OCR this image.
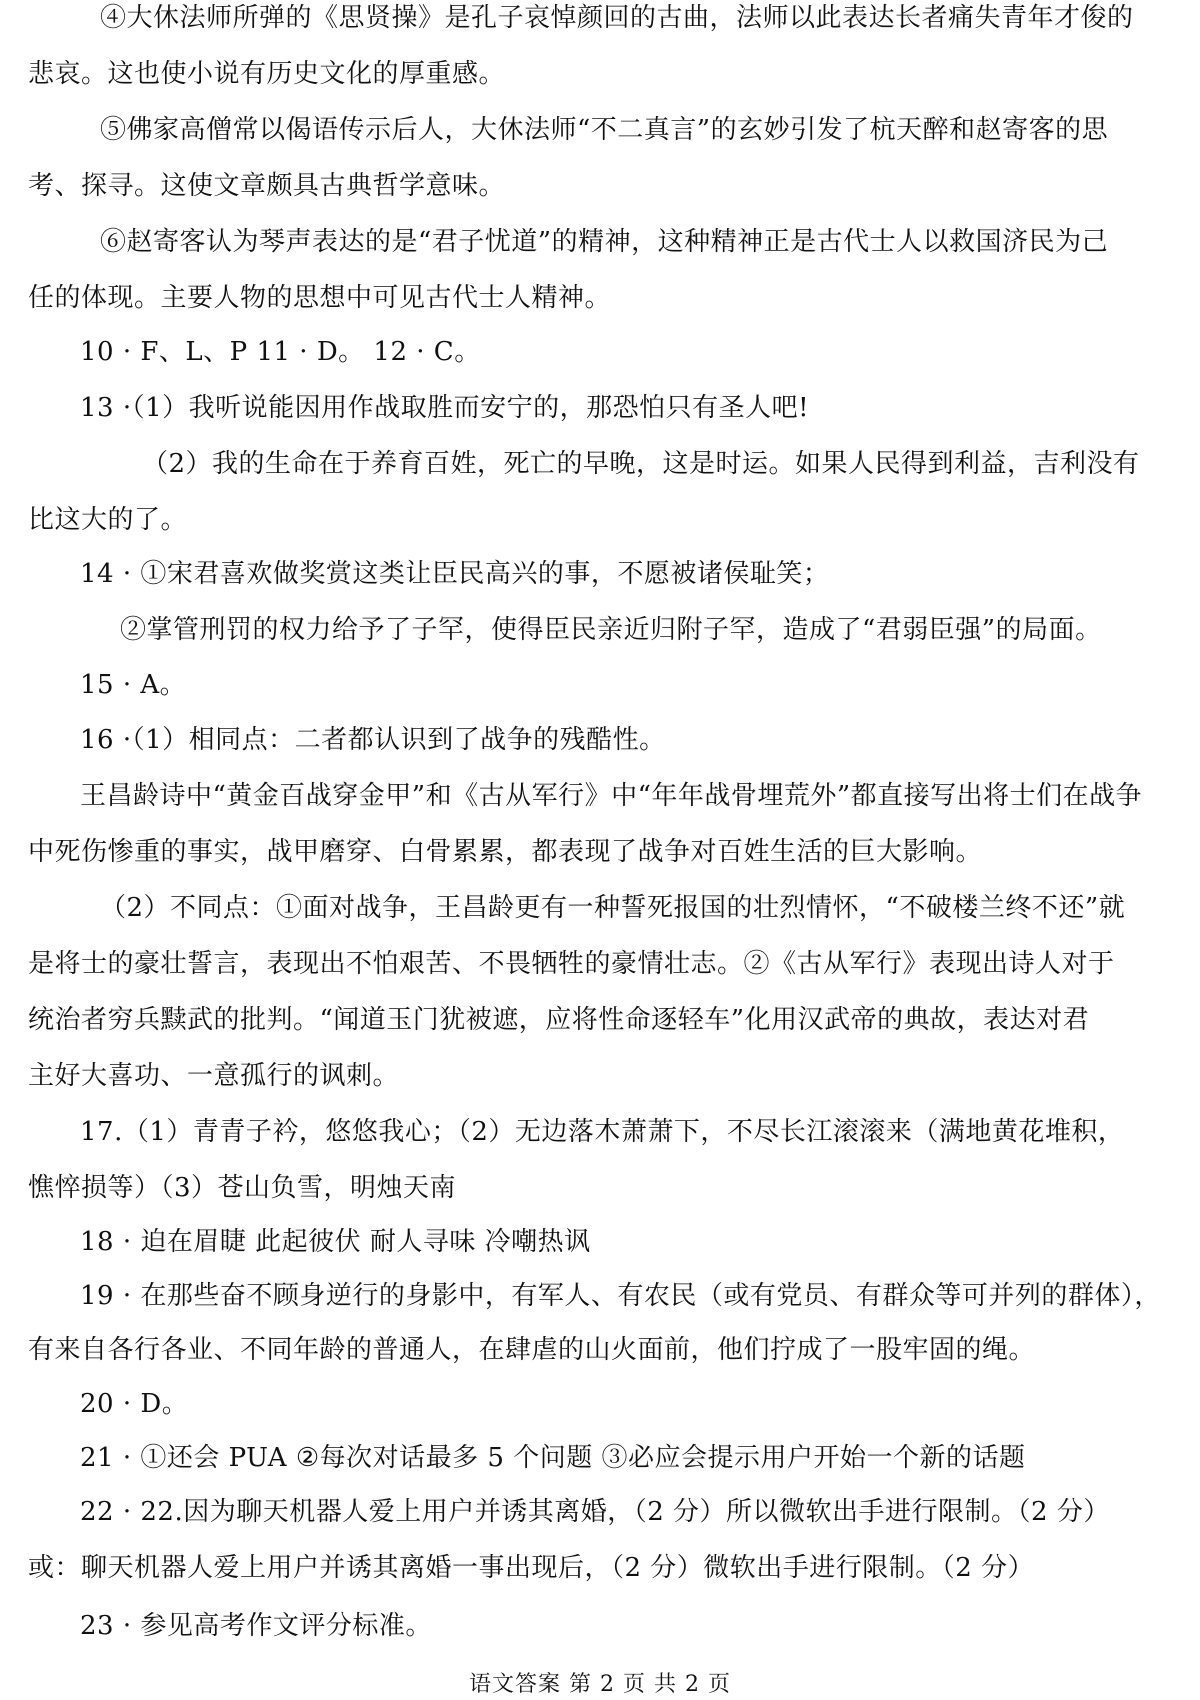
④大休法师所弹的《思贤操》是孔子哀悼颜回的古曲，法师以此表达长者痛失青年才俊的
悲哀。这也使小说有历史文化的厚重感。
⑤佛家高僧常以偈语传示后人，大休法师“不二真言”的玄妙引发了杭天醉和赵寄客的思
考、探寻。这使文章颇具古典哲学意味。
⑥赵寄客认为琴声表达的是“君子忧道”的精神，这种精神正是古代士人以救国济民为己
任的体现。主要人物的思想中可见古代士人精神。
10 · F、L、P 11 · D。 12 · C。
13 ·（1）我听说能因用作战取胜而安宁的，那恐怕只有圣人吧!
（2）我的生命在于养育百姓，死亡的早晚，这是时运。如果人民得到利益，吉利没有
比这大的了。
14 · ①宋君喜欢做奖赏这类让臣民高兴的事，不愿被诸侯耻笑；
②掌管刑罚的权力给予了子罕，使得臣民亲近归附子罕，造成了“君弱臣强”的局面。
15 · A。
16 ·（1）相同点：二者都认识到了战争的残酷性。
王昌龄诗中“黄金百战穿金甲”和《古从军行》中“年年战骨埋荒外”都直接写出将士们在战争
中死伤惨重的事实，战甲磨穿、白骨累累，都表现了战争对百姓生活的巨大影响。
（2）不同点：①面对战争，王昌龄更有一种誓死报国的壮烈情怀，“不破楼兰终不还”就
是将士的豪壮誓言，表现出不怕艰苦、不畏牺牲的豪情壮志。②《古从军行》表现出诗人对于
统治者穷兵黩武的批判。“闻道玉门犹被遮，应将性命逐轻车”化用汉武帝的典故，表达对君
主好大喜功、一意孤行的讽刺。
17.（1）青青子衿，悠悠我心；（2）无边落木萧萧下，不尽长江滚滚来（满地黄花堆积，
憔悴损等）（3）苍山负雪，明烛天南
18 · 迫在眉睫 此起彼伏 耐人寻味 冷嘲热讽
19 · 在那些奋不顾身逆行的身影中，有军人、有农民（或有党员、有群众等可并列的群体），
有来自各行各业、不同年龄的普通人，在肆虐的山火面前，他们拧成了一股牢固的绳。
20 · D。
21 · ①还会 PUA ②每次对话最多 5 个问题 ③必应会提示用户开始一个新的话题
22 · 22.因为聊天机器人爱上用户并诱其离婚，（2 分）所以微软出手进行限制。（2 分）
或：聊天机器人爱上用户并诱其离婚一事出现后，（2 分）微软出手进行限制。（2 分）
23 · 参见高考作文评分标准。
语文答案 第 2 页 共 2 页
